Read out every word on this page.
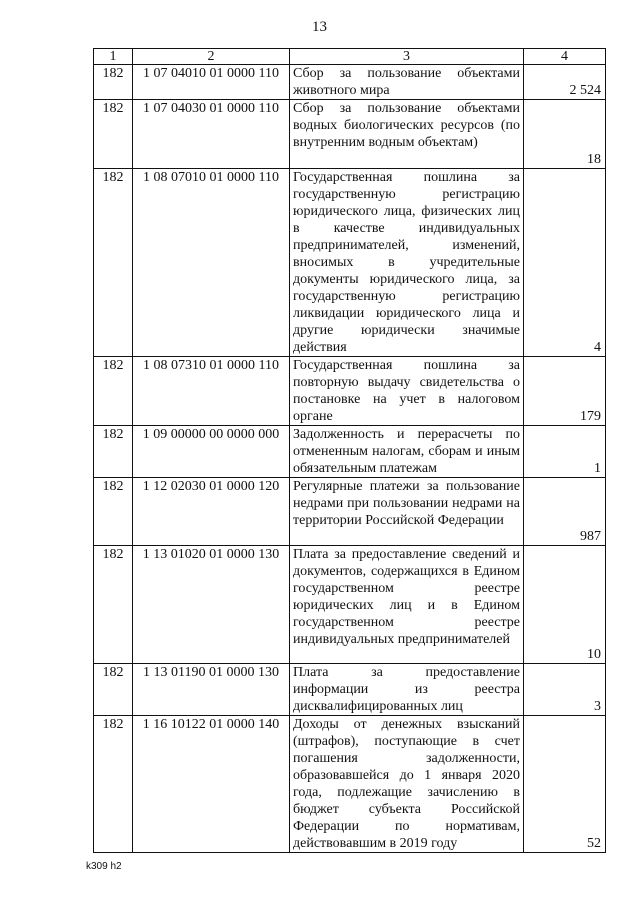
13
1	2	3	4
182	1 07 04010 01 0000 110	Сбор за пользование объектами животного мира	2 524
182	1 07 04030 01 0000 110	Сбор за пользование объектами водных биологических ресурсов (по внутренним водным объектам)	18
182	1 08 07010 01 0000 110	Государственная пошлина за государственную регистрацию юридического лица, физических лиц в качестве индивидуальных предпринимателей, изменений, вносимых в учредительные документы юридического лица, за государственную регистрацию ликвидации юридического лица и другие юридически значимые действия	4
182	1 08 07310 01 0000 110	Государственная пошлина за повторную выдачу свидетельства о постановке на учет в налоговом органе	179
182	1 09 00000 00 0000 000	Задолженность и перерасчеты по отмененным налогам, сборам и иным обязательным платежам	1
182	1 12 02030 01 0000 120	Регулярные платежи за пользование недрами при пользовании недрами на территории Российской Федерации	987
182	1 13 01020 01 0000 130	Плата за предоставление сведений и документов, содержащихся в Едином государственном реестре юридических лиц и в Едином государственном реестре индивидуальных предпринимателей	10
182	1 13 01190 01 0000 130	Плата за предоставление информации из реестра дисквалифицированных лиц	3
182	1 16 10122 01 0000 140	Доходы от денежных взысканий (штрафов), поступающие в счет погашения задолженности, образовавшейся до 1 января 2020 года, подлежащие зачислению в бюджет субъекта Российской Федерации по нормативам, действовавшим в 2019 году	52
k309 h2
